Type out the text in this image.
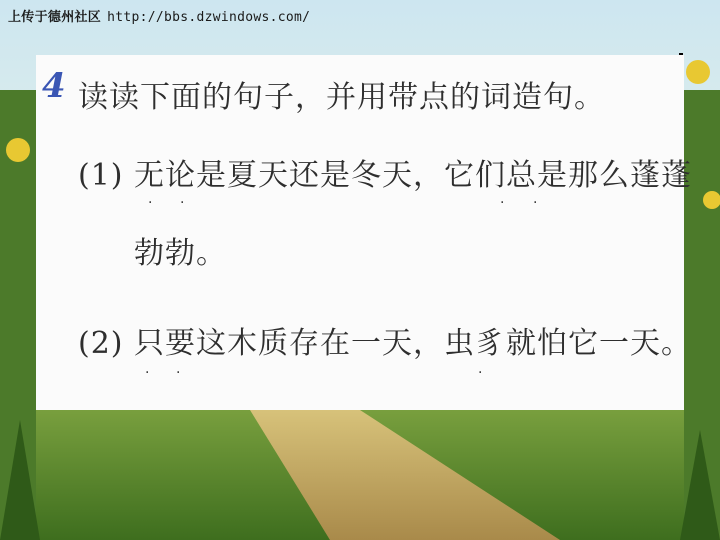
上传于德州社区 http://bbs.dzwindows.com/
4 读读下面的句子，并用带点的词造句。
(1) 无论是夏天还是冬天，它们总是那么蓬蓬
勃勃。
(2) 只要这木质存在一天，虫豸就怕它一天。
· ·	· ·
· ·	·
